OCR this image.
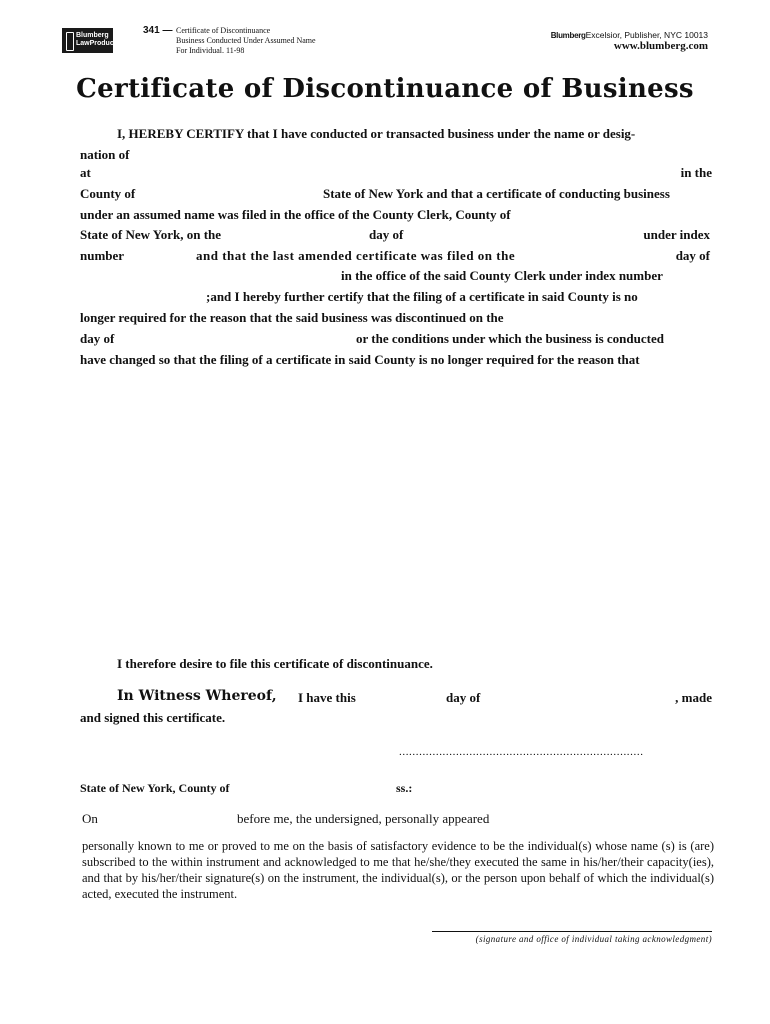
Blumberg
LawProducts
341 — Certificate of Discontinuance
Business Conducted Under Assumed Name
For Individual. 11-98
BlumbergExcelsior, Publisher, NYC 10013
www.blumberg.com
Certificate of Discontinuance of Business
I, HEREBY CERTIFY that I have conducted or transacted business under the name or desig-
nation of
at	in the
County of	State of New York and that a certificate of conducting business
under an assumed name was filed in the office of the County Clerk, County of
State of New York, on the	day of	under index
number	and that the last amended certificate was filed on the	day of
in the office of the said County Clerk under index number
;and I hereby further certify that the filing of a certificate in said County is no
longer required for the reason that the said business was discontinued on the
day of	or the conditions under which the business is conducted
have changed so that the filing of a certificate in said County is no longer required for the reason that
I therefore desire to file this certificate of discontinuance.
In Witness Whereof, I have this	day of	, made
and signed this certificate.
.........................................................................
State of New York, County of	ss.:
On	before me, the undersigned, personally appeared
personally known to me or proved to me on the basis of satisfactory evidence to be the individual(s) whose name (s) is (are) subscribed to the within instrument and acknowledged to me that he/she/they executed the same in his/her/their capacity(ies), and that by his/her/their signature(s) on the instrument, the individual(s), or the person upon behalf of which the individual(s) acted, executed the instrument.
(signature and office of individual taking acknowledgment)
